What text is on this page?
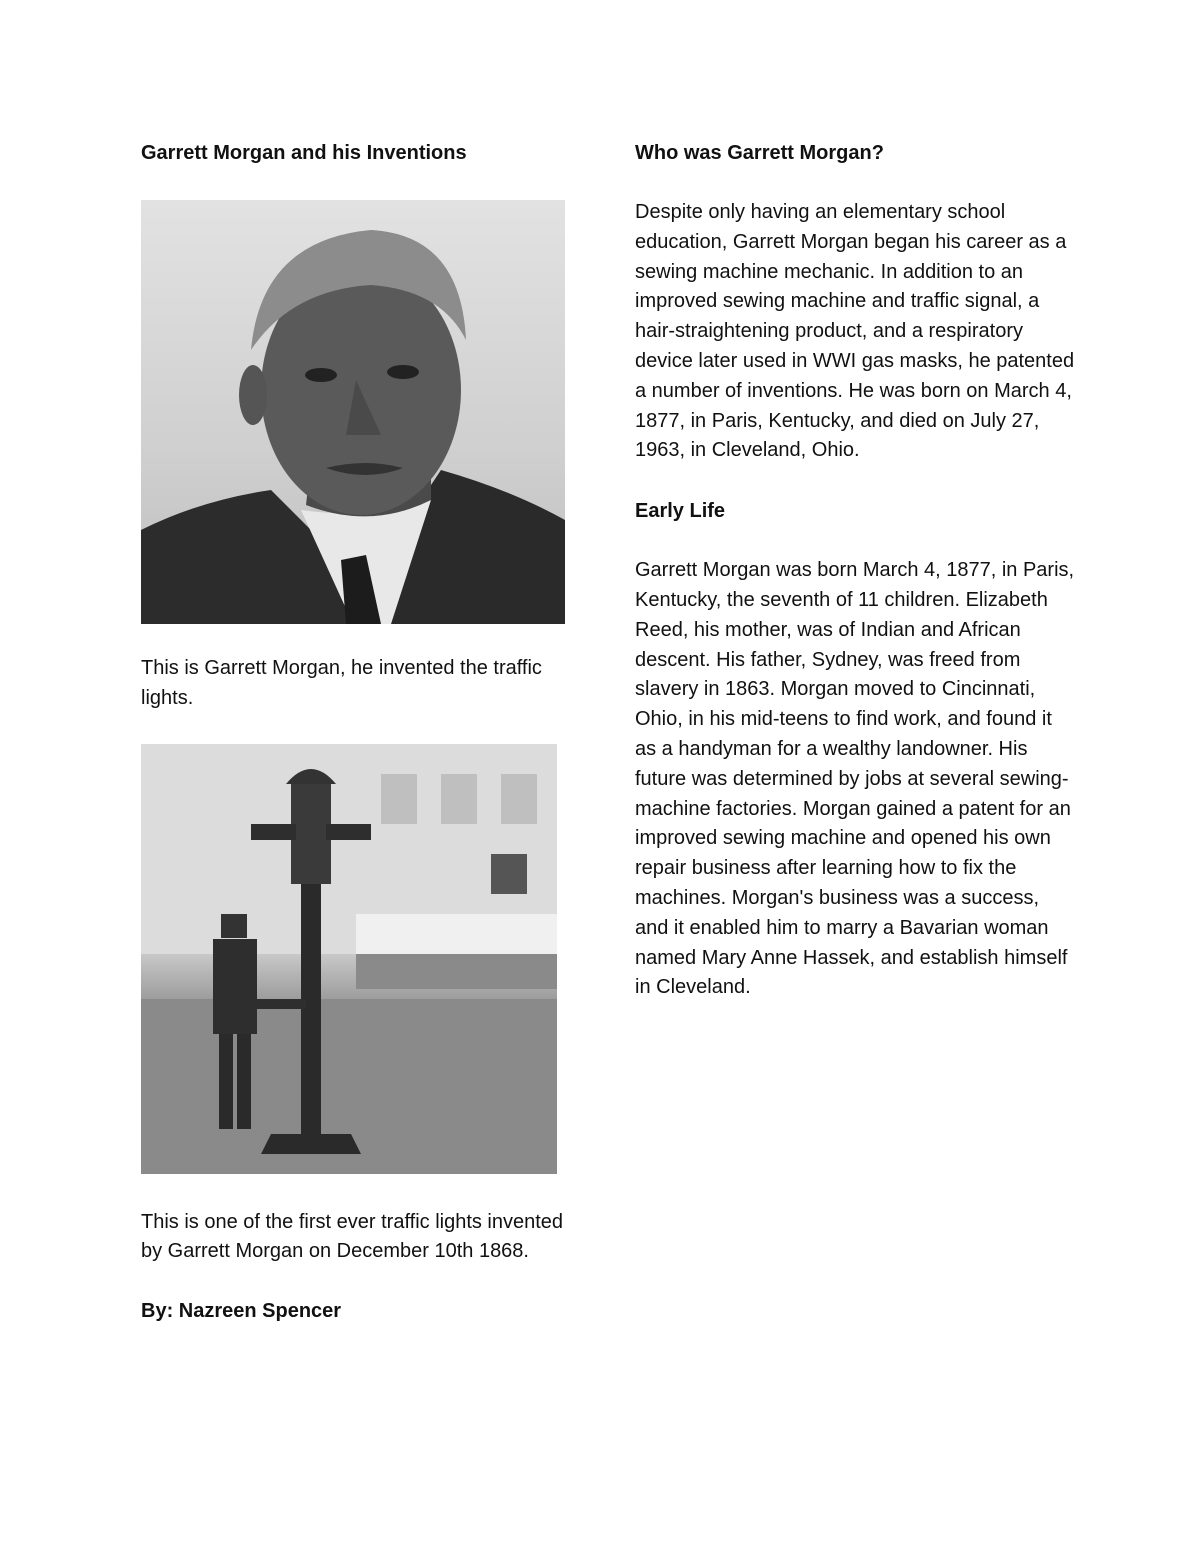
Garrett Morgan and his Inventions

This is Garrett Morgan, he invented the traffic lights.

This is one of the first ever traffic lights invented by Garrett Morgan on December 10th 1868.

By: Nazreen Spencer

Who was Garrett Morgan?

Despite only having an elementary school education, Garrett Morgan began his career as a sewing machine mechanic. In addition to an improved sewing machine and traffic signal, a hair-straightening product, and a respiratory device later used in WWI gas masks, he patented a number of inventions. He was born on March 4, 1877, in Paris, Kentucky, and died on July 27, 1963, in Cleveland, Ohio.

Early Life

Garrett Morgan was born March 4, 1877, in Paris, Kentucky, the seventh of 11 children. Elizabeth Reed, his mother, was of Indian and African descent. His father, Sydney, was freed from slavery in 1863. Morgan moved to Cincinnati, Ohio, in his mid-teens to find work, and found it as a handyman for a wealthy landowner. His future was determined by jobs at several sewing-machine factories. Morgan gained a patent for an improved sewing machine and opened his own repair business after learning how to fix the machines. Morgan's business was a success, and it enabled him to marry a Bavarian woman named Mary Anne Hassek, and establish himself in Cleveland.
